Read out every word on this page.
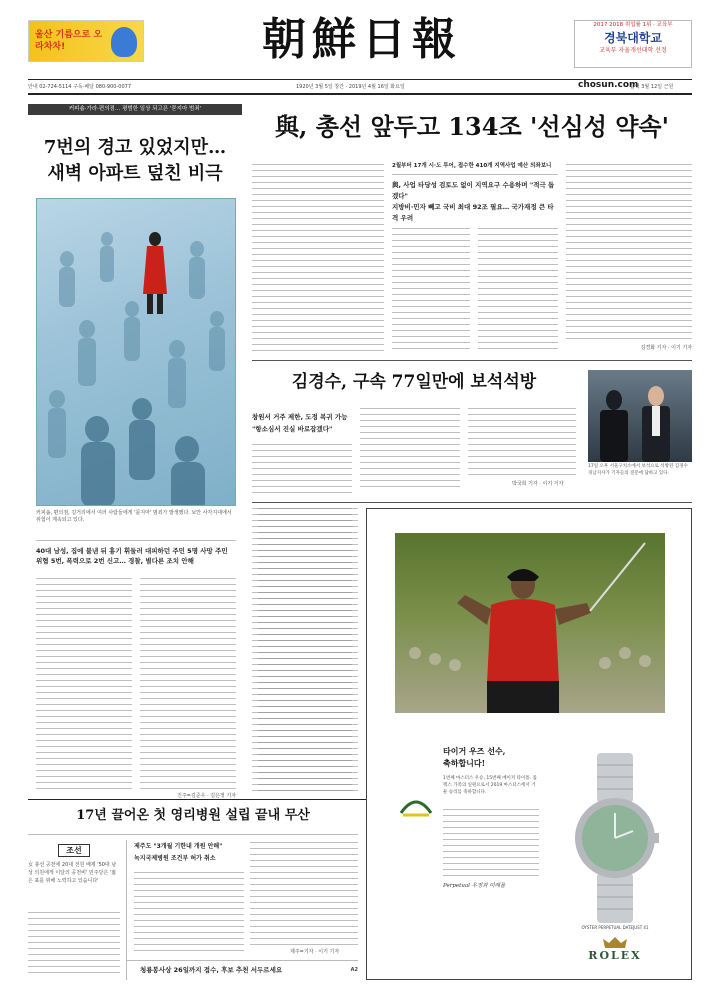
울산 기름으로 오라차차!	朝鮮日報	2017 2018 취업률 1위 · 교육부
경북대학교
교육부 자율개선대학 선정
안내 02-724-5114 구독·배달 080-900-0077	1920년 3월 5일 창간 · 2019년 4월 16일 화요일	chosun.com
음력 3월 12일 근원
커피숍·가라·편의점… 평범한 일상 되고픈 '묻지마 범죄'
7번의 경고 있었지만…
새벽 아파트 덮친 비극
커피숍, 편의점, 길거리에서 여러 사람들에게 '묻지마' 범죄가 발생했다. 보안 사각지대에서 위험이 계속되고 있다.
40대 남성, 집에 불낸 뒤 흉기 휘둘러 대피하던 주민 5명 사망 주민 위협 5번, 폭력으로 2번 신고… 경찰, 별다른 조치 안해
진주=김준우 · 김은정 기자
與, 총선 앞두고 134조 '선심성 약속'
2월부터 17개 시·도 투어, 접수한 410개 지역사업 예산 의좌보니
與, 사업 타당성 검토도 없이 지역요구 수용하며 "적극 돕겠다"
지방비·민자 빼고 국비 최대 92조 필요… 국가재정 큰 타격 우려
김경화 기자 · 이기 기자
김경수, 구속 77일만에 보석석방
창원서 거주 제한, 도정 복귀 가능
"항소심서 진실 바로잡겠다"
박국희 기자 · 이기 기자
17일 오후 서울구치소에서 보석으로 석방된 김경수 경남지사가 기자들의 질문에 답하고 있다.
타이거 우즈 선수,
축하합니다!
1번째 마스터스 우승, 15번째 메이저 타이틀. 롤렉스 가족의 일원으로서 2019 마스터스에서 거둔 승리를 축하합니다.
Perpetual 우정과 미래를
OYSTER PERPETUAL DATEJUST 41
ROLEX
17년 끌어온 첫 영리병원 설립 끝내 무산
조선
女 총선 공천에 20대 전원 배제 '50대 남성 의원에게 이달의 공천비' 민주당은 '젊은 표를 위해 노력하고 있습니다'
제주도 "3개월 기한내 개원 안해"
녹지국제병원 조건부 허가 취소
제주=기자 · 이기 기자
청룡봉사상 26일까지 접수, 후보 추천 서두르세요	A2
